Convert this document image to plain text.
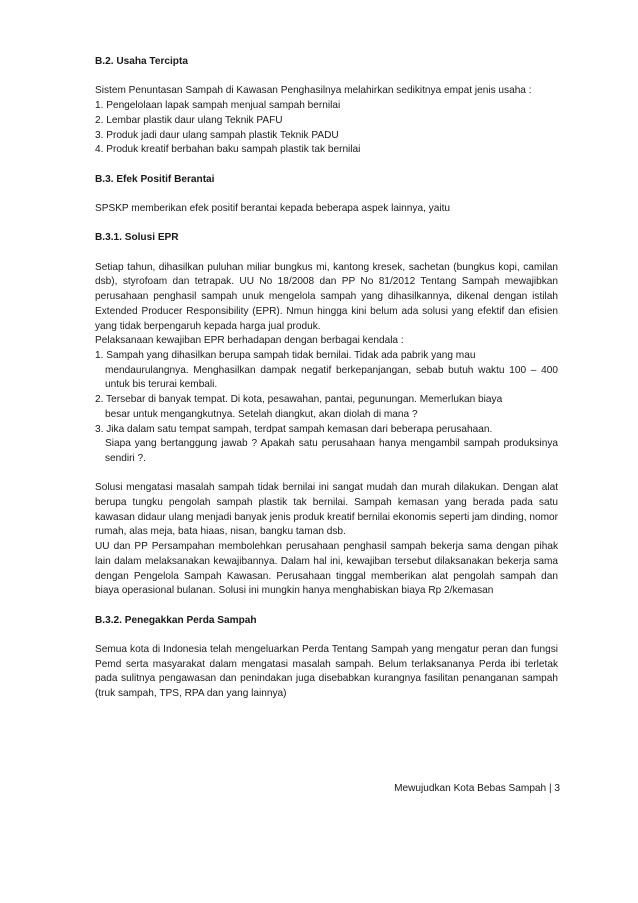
B.2. Usaha Tercipta

Sistem Penuntasan Sampah di Kawasan Penghasilnya melahirkan sedikitnya empat jenis usaha :

1. Pengelolaan lapak sampah menjual sampah bernilai
2. Lembar plastik daur ulang Teknik PAFU
3. Produk jadi daur ulang sampah plastik Teknik PADU
4. Produk kreatif berbahan baku sampah plastik tak bernilai
B.3. Efek Positif Berantai

SPSKP memberikan efek positif berantai kepada beberapa aspek lainnya, yaitu

B.3.1. Solusi EPR

Setiap tahun, dihasilkan puluhan miliar bungkus mi, kantong kresek, sachetan (bungkus kopi, camilan dsb), styrofoam dan tetrapak. UU No 18/2008 dan PP No 81/2012 Tentang Sampah mewajibkan perusahaan penghasil sampah unuk mengelola sampah yang dihasilkannya, dikenal dengan istilah Extended Producer Responsibility (EPR). Nmun hingga kini belum ada solusi yang efektif dan efisien yang tidak berpengaruh kepada harga jual produk.

Pelaksanaan kewajiban EPR berhadapan dengan berbagai kendala :

1. Sampah yang dihasilkan berupa sampah tidak bernilai. Tidak ada pabrik yang mau
mendaurulangnya. Menghasilkan dampak negatif berkepanjangan, sebab butuh waktu 100 – 400 untuk bis terurai kembali.
2. Tersebar di banyak tempat. Di kota, pesawahan, pantai, pegunungan. Memerlukan biaya
besar untuk mengangkutnya. Setelah diangkut, akan diolah di mana ?
3. Jika dalam satu tempat sampah, terdpat sampah kemasan dari beberapa perusahaan.
Siapa yang bertanggung jawab ? Apakah satu perusahaan hanya mengambil sampah produksinya sendiri ?.

Solusi mengatasi masalah sampah tidak bernilai ini sangat mudah dan murah dilakukan. Dengan alat berupa tungku pengolah sampah plastik tak bernilai. Sampah kemasan yang berada pada satu kawasan didaur ulang menjadi banyak jenis produk kreatif bernilai ekonomis seperti jam dinding, nomor rumah, alas meja, bata hiaas, nisan, bangku taman dsb.

UU dan PP Persampahan membolehkan perusahaan penghasil sampah bekerja sama dengan pihak lain dalam melaksanakan kewajibannya. Dalam hal ini, kewajiban tersebut dilaksanakan bekerja sama dengan Pengelola Sampah Kawasan. Perusahaan tinggal memberikan alat pengolah sampah dan biaya operasional bulanan. Solusi ini mungkin hanya menghabiskan biaya Rp 2/kemasan

B.3.2. Penegakkan Perda Sampah

Semua kota di Indonesia telah mengeluarkan Perda Tentang Sampah yang mengatur peran dan fungsi Pemd serta masyarakat dalam mengatasi masalah sampah. Belum terlaksananya Perda ibi terletak pada sulitnya pengawasan dan penindakan juga disebabkan kurangnya fasilitan penanganan sampah (truk sampah, TPS, RPA dan yang lainnya)

Mewujudkan Kota Bebas Sampah | 3
